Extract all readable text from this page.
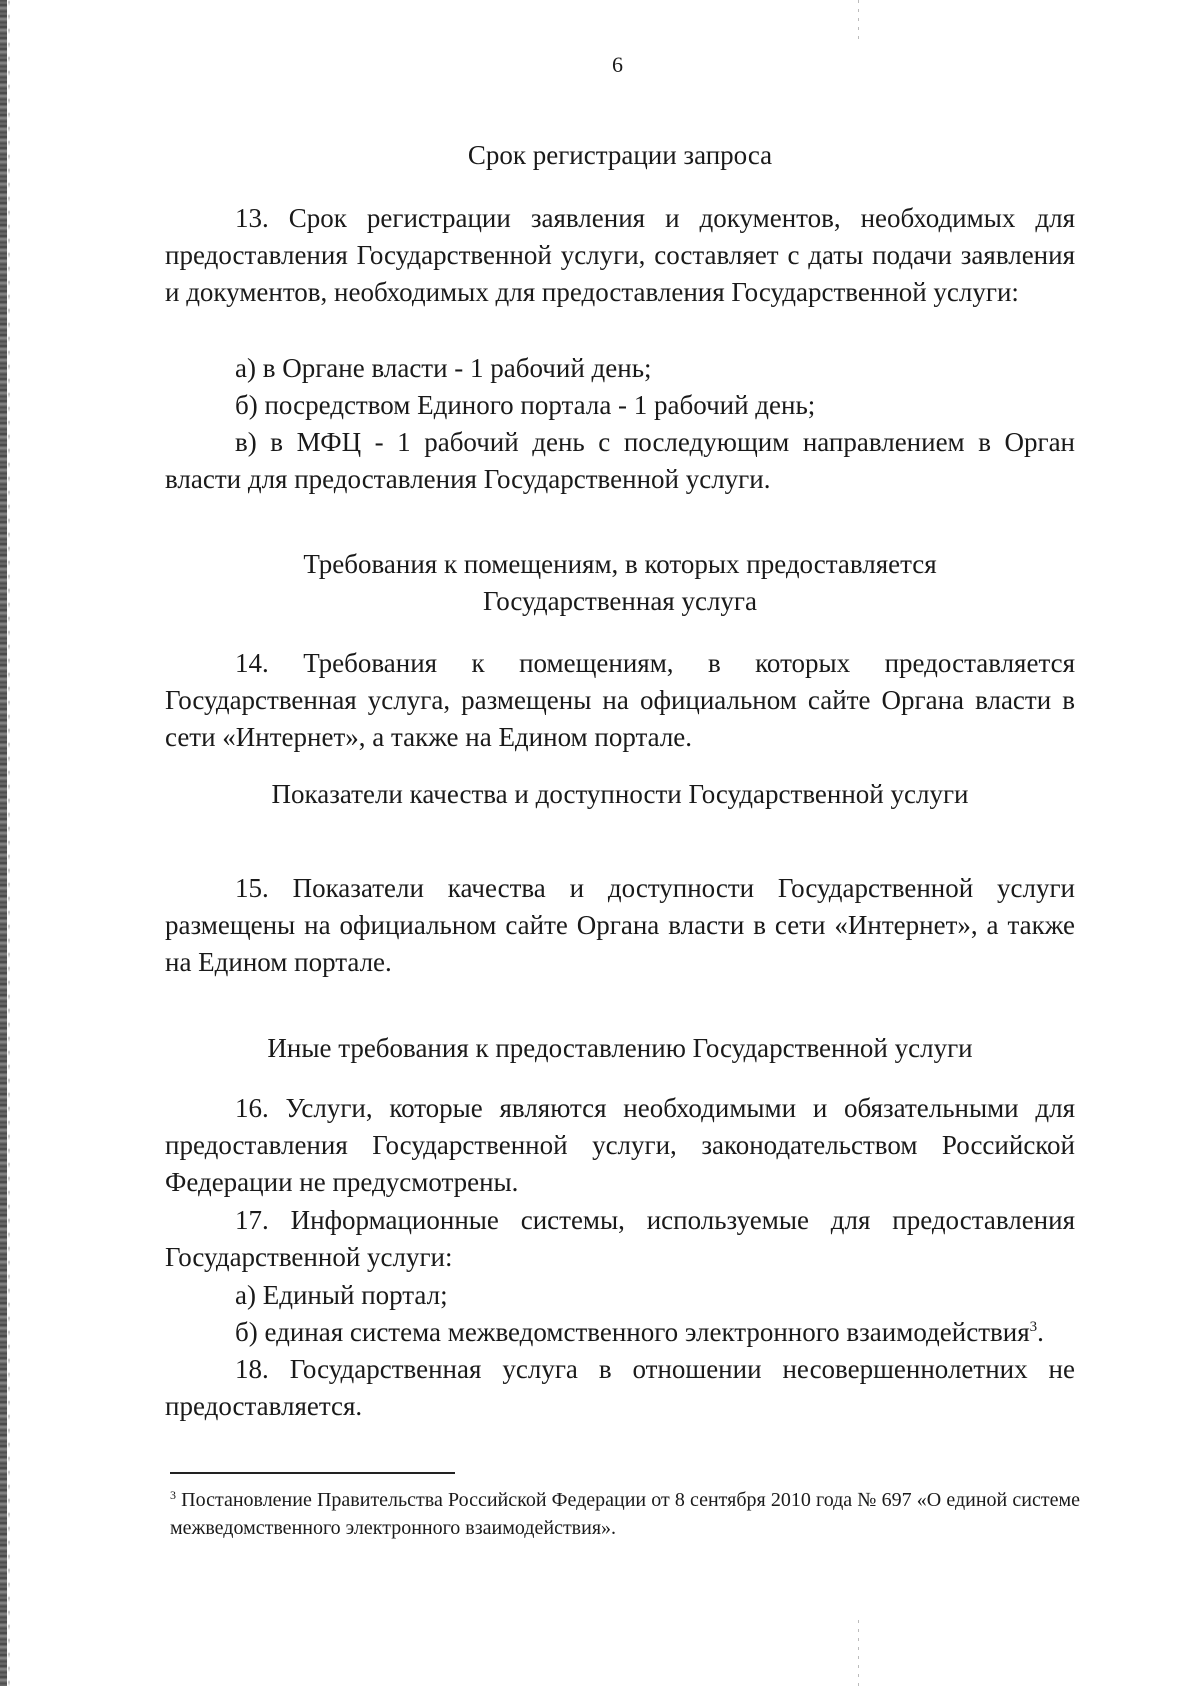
6
Срок регистрации запроса

13. Срок регистрации заявления и документов, необходимых для предоставления Государственной услуги, составляет с даты подачи заявления и документов, необходимых для предоставления Государственной услуги:

а) в Органе власти - 1 рабочий день;
б) посредством Единого портала - 1 рабочий день;

в) в МФЦ - 1 рабочий день с последующим направлением в Орган власти для предоставления Государственной услуги.

Требования к помещениям, в которых предоставляется
Государственная услуга

14. Требования к помещениям, в которых предоставляется Государственная услуга, размещены на официальном сайте Органа власти в сети «Интернет», а также на Едином портале.

Показатели качества и доступности Государственной услуги

15. Показатели качества и доступности Государственной услуги размещены на официальном сайте Органа власти в сети «Интернет», а также на Едином портале.

Иные требования к предоставлению Государственной услуги

16. Услуги, которые являются необходимыми и обязательными для предоставления Государственной услуги, законодательством Российской Федерации не предусмотрены.

17. Информационные системы, используемые для предоставления Государственной услуги:

а) Единый портал;
б) единая система межведомственного электронного взаимодействия$^3$.

18. Государственная услуга в отношении несовершеннолетних не предоставляется.

$^3$ Постановление Правительства Российской Федерации от 8 сентября 2010 года № 697 «О единой системе межведомственного электронного взаимодействия».
